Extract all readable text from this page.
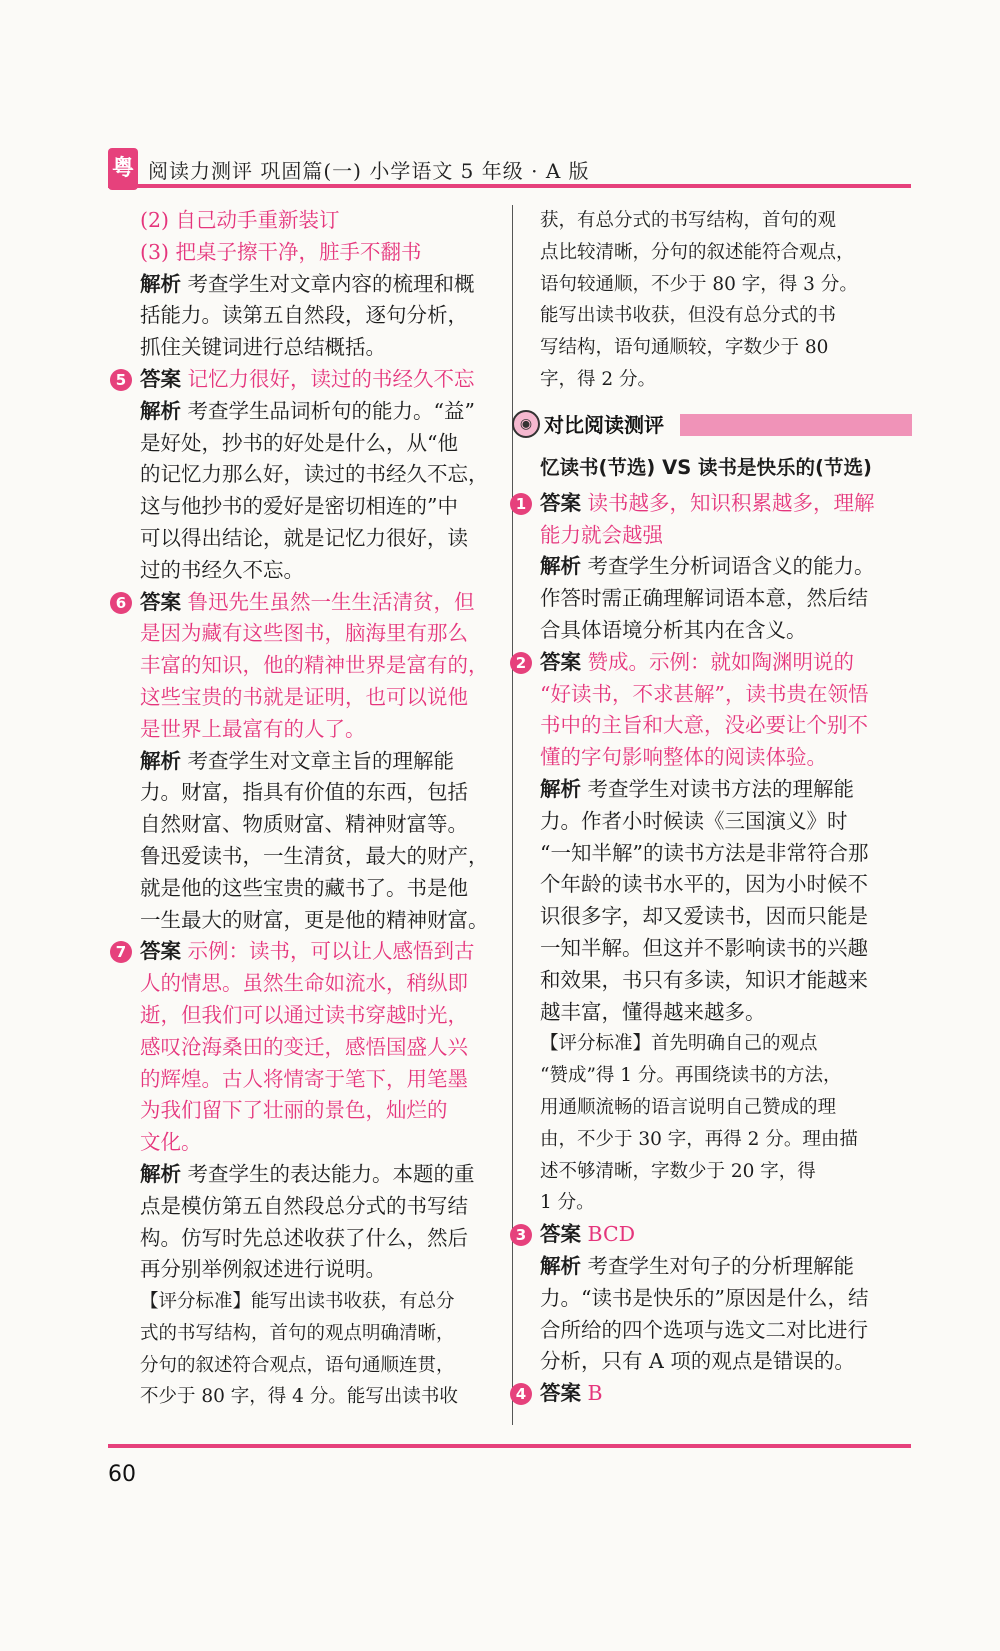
粤 阅读力测评 巩固篇(一) 小学语文 5 年级 · A 版
(2) 自己动手重新装订
(3) 把桌子擦干净，脏手不翻书
解析 考查学生对文章内容的梳理和概
括能力。读第五自然段，逐句分析，
抓住关键词进行总结概括。
5 答案 记忆力很好，读过的书经久不忘
解析 考查学生品词析句的能力。“益”
是好处，抄书的好处是什么，从“他
的记忆力那么好，读过的书经久不忘，
这与他抄书的爱好是密切相连的”中
可以得出结论，就是记忆力很好，读
过的书经久不忘。
6 答案 鲁迅先生虽然一生生活清贫，但
是因为藏有这些图书，脑海里有那么
丰富的知识，他的精神世界是富有的，
这些宝贵的书就是证明，也可以说他
是世界上最富有的人了。
解析 考查学生对文章主旨的理解能
力。财富，指具有价值的东西，包括
自然财富、物质财富、精神财富等。
鲁迅爱读书，一生清贫，最大的财产，
就是他的这些宝贵的藏书了。书是他
一生最大的财富，更是他的精神财富。
7 答案 示例：读书，可以让人感悟到古
人的情思。虽然生命如流水，稍纵即
逝，但我们可以通过读书穿越时光，
感叹沧海桑田的变迁，感悟国盛人兴
的辉煌。古人将情寄于笔下，用笔墨
为我们留下了壮丽的景色，灿烂的
文化。
解析 考查学生的表达能力。本题的重
点是模仿第五自然段总分式的书写结
构。仿写时先总述收获了什么，然后
再分别举例叙述进行说明。
【评分标准】能写出读书收获，有总分
式的书写结构，首句的观点明确清晰，
分句的叙述符合观点，语句通顺连贯，
不少于 80 字，得 4 分。能写出读书收
获，有总分式的书写结构，首句的观
点比较清晰，分句的叙述能符合观点，
语句较通顺，不少于 80 字，得 3 分。
能写出读书收获，但没有总分式的书
写结构，语句通顺较，字数少于 80
字，得 2 分。
◉ 对比阅读测评
忆读书(节选) VS 读书是快乐的(节选)
1 答案 读书越多，知识积累越多，理解
能力就会越强
解析 考查学生分析词语含义的能力。
作答时需正确理解词语本意，然后结
合具体语境分析其内在含义。
2 答案 赞成。示例：就如陶渊明说的
“好读书，不求甚解”，读书贵在领悟
书中的主旨和大意，没必要让个别不
懂的字句影响整体的阅读体验。
解析 考查学生对读书方法的理解能
力。作者小时候读《三国演义》时
“一知半解”的读书方法是非常符合那
个年龄的读书水平的，因为小时候不
识很多字，却又爱读书，因而只能是
一知半解。但这并不影响读书的兴趣
和效果，书只有多读，知识才能越来
越丰富，懂得越来越多。
【评分标准】首先明确自己的观点
“赞成”得 1 分。再围绕读书的方法，
用通顺流畅的语言说明自己赞成的理
由，不少于 30 字，再得 2 分。理由描
述不够清晰，字数少于 20 字，得
1 分。
3 答案 BCD
解析 考查学生对句子的分析理解能
力。“读书是快乐的”原因是什么，结
合所给的四个选项与选文二对比进行
分析，只有 A 项的观点是错误的。
4 答案 B
60
